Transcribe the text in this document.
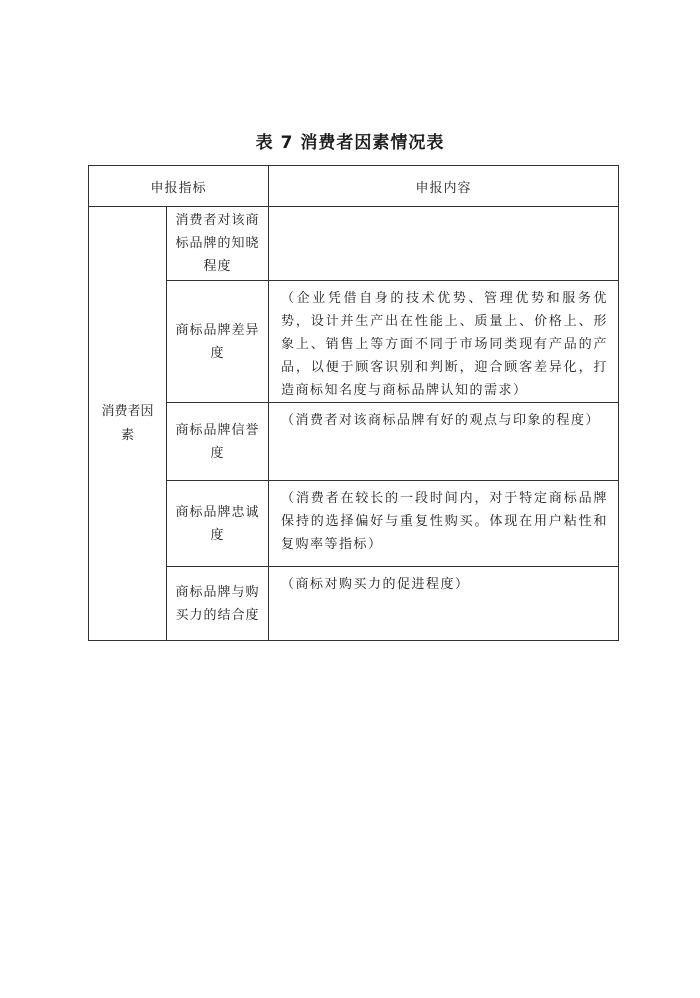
表 7 消费者因素情况表
申报指标		申报内容
消费者因素	消费者对该商标品牌的知晓程度	
	商标品牌差异度	（企业凭借自身的技术优势、管理优势和服务优势，设计并生产出在性能上、质量上、价格上、形象上、销售上等方面不同于市场同类现有产品的产品，以便于顾客识别和判断，迎合顾客差异化，打造商标知名度与商标品牌认知的需求）
	商标品牌信誉度	（消费者对该商标品牌有好的观点与印象的程度）
	商标品牌忠诚度	（消费者在较长的一段时间内，对于特定商标品牌保持的选择偏好与重复性购买。体现在用户粘性和复购率等指标）
	商标品牌与购买力的结合度	（商标对购买力的促进程度）
